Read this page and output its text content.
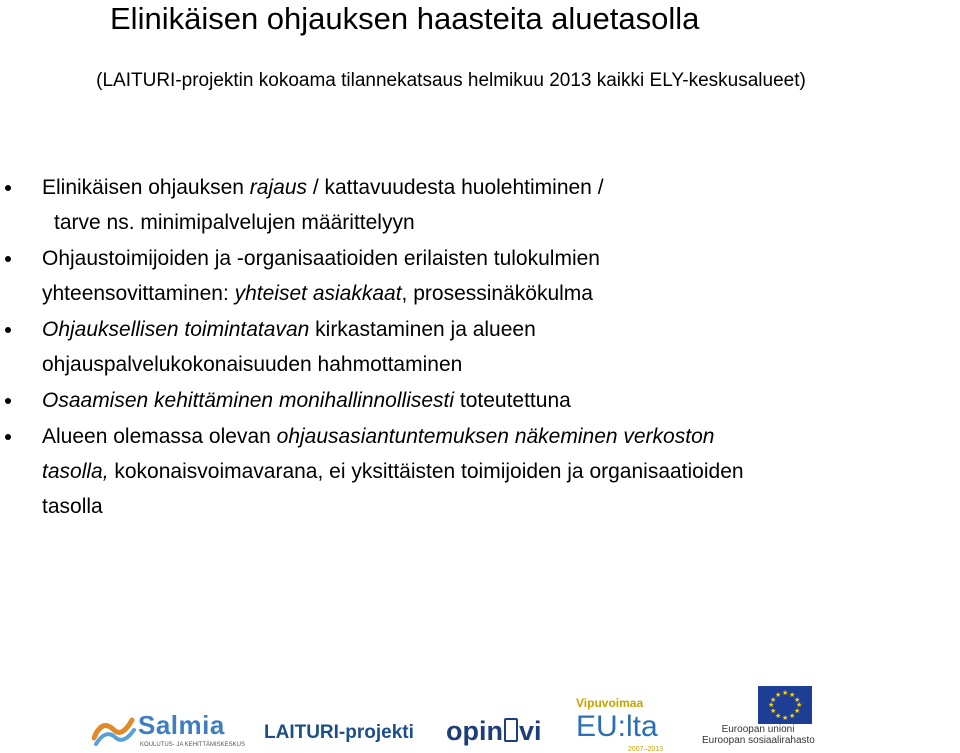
Elinikäisen ohjauksen haasteita aluetasolla
(LAITURI-projektin kokoama tilannekatsaus helmikuu 2013 kaikki ELY-keskusalueet)
Elinikäisen ohjauksen rajaus / kattavuudesta huolehtiminen /
tarve ns. minimipalvelujen määrittelyyn
Ohjaustoimijoiden ja -organisaatioiden erilaisten tulokulmien
yhteensovittaminen: yhteiset asiakkaat, prosessinäkökulma
Ohjauksellisen toimintatavan kirkastaminen ja alueen
ohjauspalvelukokonaisuuden hahmottaminen
Osaamisen kehittäminen monihallinnollisesti toteutettuna
Alueen olemassa olevan ohjausasiantuntemuksen näkeminen verkoston
tasolla, kokonaisvoimavarana, ei yksittäisten toimijoiden ja organisaatioiden
tasolla
Salmia
KOULUTUS- JA KEHITTÄMISKESKUS
LAITURI-projekti opin vi
Vipuvoimaa
EU:lta
2007–2013
★ ★
★
★
★
★
★
★
★
★
★
★
Euroopan unioni
Euroopan sosiaalirahasto
